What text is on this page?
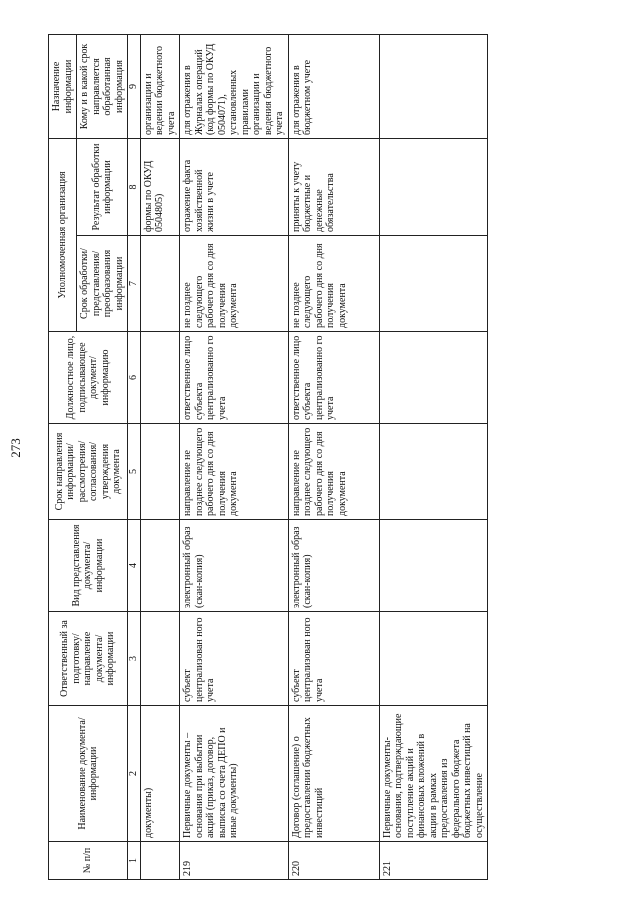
273
№ п/п	Наименование документа/ информации	Ответственный за подготовку/ направление документа/ информации	Вид представления документа/ информации	Срок направления информации/ рассмотрения/ согласования/ утверждения документа	Должностное лицо, подписывающее документ/ информацию	Уполномоченная организация		Назначение информации
						Срок обработки/ представления/ преобразования информации	Результат обработки информации	Кому и в какой срок направляется обработанная информация
1	2	3	4	5	6	7	8	9
	документы)						формы по ОКУД 0504805)	организации и ведении бюджетного учета
219	Первичные документы – основания при выбытии акций (приказ, договор, выписка со счета ДЕПО и иные документы)	субъект централизован ного учета	электронный образ (скан-копия)	направление не позднее следующего рабочего дня со дня получения документа	ответственное лицо субъекта централизованно го учета	не позднее следующего рабочего дня со дня получения документа	отражение факта хозяйственной жизни в учете	для отражения в Журналах операций (код формы по ОКУД 0504071), установленных правилами организации и ведения бюджетного учета
220	Договор (соглашение) о предоставлении бюджетных инвестиций	субъект централизован ного учета	электронный образ (скан-копия)	направление не позднее следующего рабочего дня со дня получения документа	ответственное лицо субъекта централизованно го учета	не позднее следующего рабочего дня со дня получения документа	приняты к учету бюджетные и денежные обязательства	для отражения в бюджетном учете
221	Первичные документы-основания, подтверждающие поступление акций и финансовых вложений в акции в рамках предоставления из федерального бюджета бюджетных инвестиций на осуществление							
